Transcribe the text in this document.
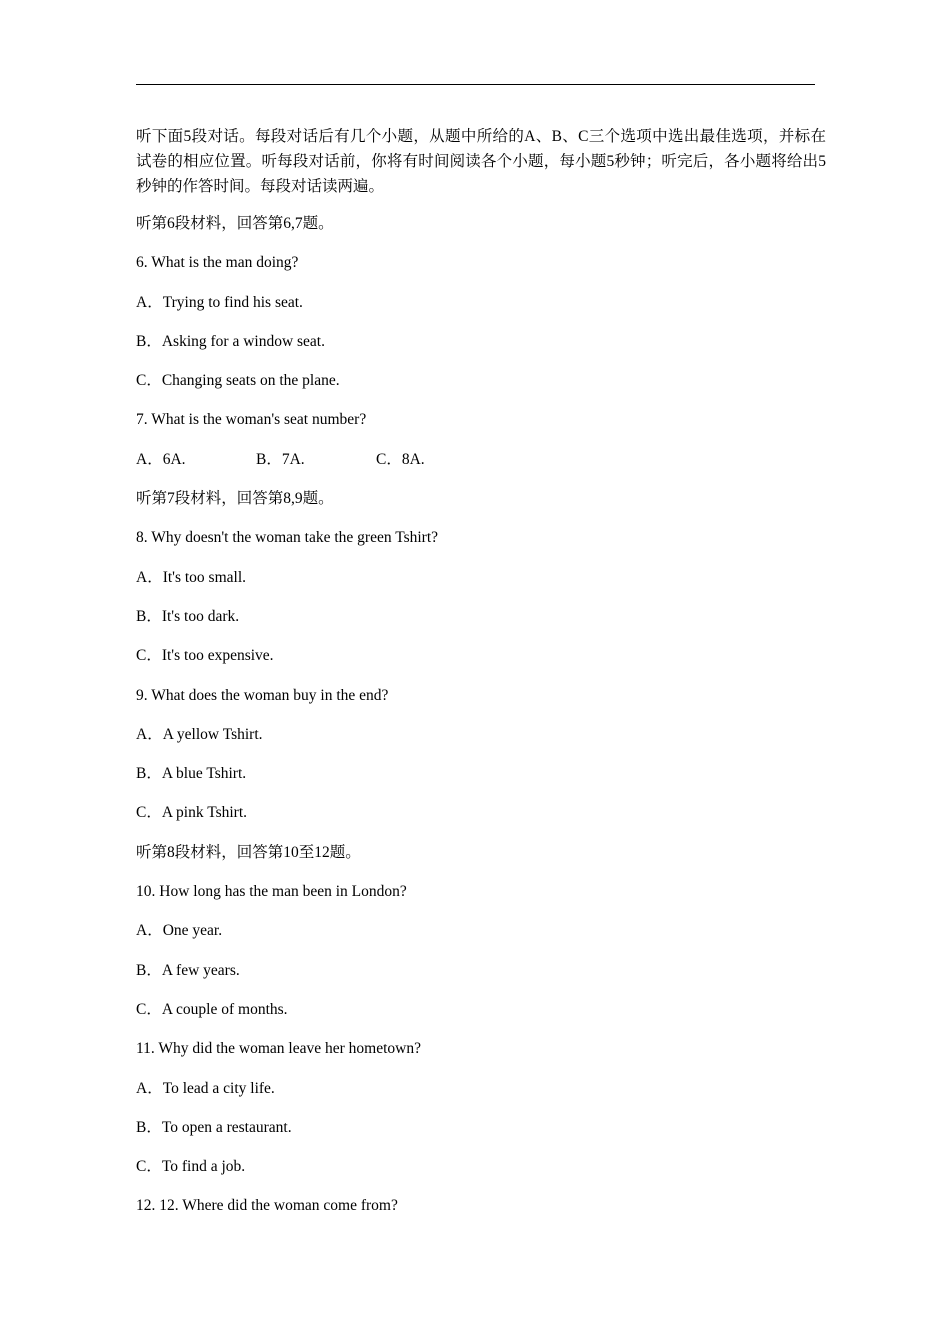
听下面5段对话。每段对话后有几个小题，从题中所给的A、B、C三个选项中选出最佳选项，并标在试卷的相应位置。听每段对话前，你将有时间阅读各个小题，每小题5秒钟；听完后，各小题将给出5秒钟的作答时间。每段对话读两遍。

听第6段材料，回答第6,7题。
6. What is the man doing?
A．Trying to find his seat.
B．Asking for a window seat.
C．Changing seats on the plane.
7. What is the woman's seat number?
A．6A.	B．7A.	C．8A.
听第7段材料，回答第8,9题。
8. Why doesn't the woman take the green Tshirt?
A．It's too small.
B．It's too dark.
C．It's too expensive.
9. What does the woman buy in the end?
A．A yellow Tshirt.
B．A blue Tshirt.
C．A pink Tshirt.
听第8段材料，回答第10至12题。
10. How long has the man been in London?
A．One year.
B．A few years.
C．A couple of months.
11. Why did the woman leave her hometown?
A．To lead a city life.
B．To open a restaurant.
C．To find a job.
12. 12. Where did the woman come from?
